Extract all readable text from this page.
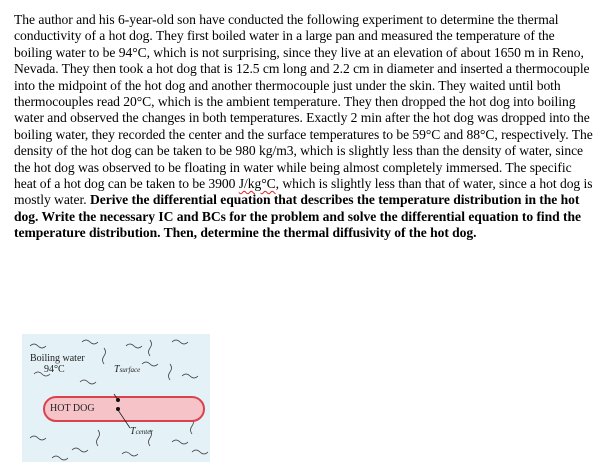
The author and his 6-year-old son have conducted the following experiment to determine the thermal conductivity of a hot dog. They first boiled water in a large pan and measured the temperature of the boiling water to be 94°C, which is not surprising, since they live at an elevation of about 1650 m in Reno, Nevada. They then took a hot dog that is 12.5 cm long and 2.2 cm in diameter and inserted a thermocouple into the midpoint of the hot dog and another thermocouple just under the skin. They waited until both thermocouples read 20°C, which is the ambient temperature. They then dropped the hot dog into boiling water and observed the changes in both temperatures. Exactly 2 min after the hot dog was dropped into the boiling water, they recorded the center and the surface temperatures to be 59°C and 88°C, respectively. The density of the hot dog can be taken to be 980 kg/m3, which is slightly less than the density of water, since the hot dog was observed to be floating in water while being almost completely immersed. The specific heat of a hot dog can be taken to be 3900 J/kg°C, which is slightly less than that of water, since a hot dog is mostly water. Derive the differential equation that describes the temperature distribution in the hot dog. Write the necessary IC and BCs for the problem and solve the differential equation to find the temperature distribution. Then, determine the thermal diffusivity of the hot dog.

Boiling water
94°C	Tsurface
HOT DOG
Tcenter
